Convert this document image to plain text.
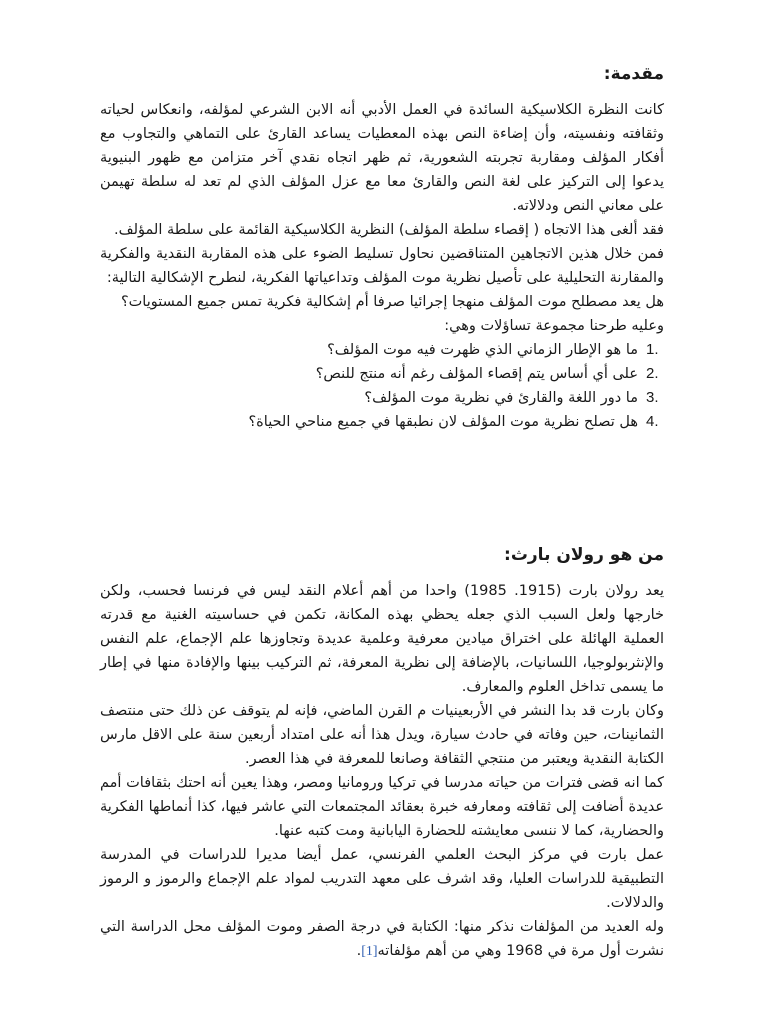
مقدمة:

كانت النظرة الكلاسيكية السائدة في العمل الأدبي أنه الابن الشرعي لمؤلفه، وانعكاس لحياته وثقافته ونفسيته، وأن إضاءة النص بهذه المعطيات يساعد القارئ على التماهي والتجاوب مع أفكار المؤلف ومقاربة تجربته الشعورية، ثم ظهر اتجاه نقدي آخر متزامن مع ظهور البنيوية يدعوا إلى التركيز على لغة النص والقارئ معا مع عزل المؤلف الذي لم تعد له سلطة تهيمن على معاني النص ودلالاته.

فقد ألغى هذا الاتجاه ( إقصاء سلطة المؤلف) النظرية الكلاسيكية القائمة على سلطة المؤلف.

فمن خلال هذين الاتجاهين المتناقضين نحاول تسليط الضوء على هذه المقاربة النقدية والفكرية والمقارنة التحليلية على تأصيل نظرية موت المؤلف وتداعياتها الفكرية، لنطرح الإشكالية التالية:

هل يعد مصطلح موت المؤلف منهجا إجرائيا صرفا أم إشكالية فكرية تمس جميع المستويات؟

وعليه طرحنا مجموعة تساؤلات وهي:

1.
ما هو الإطار الزماني الذي ظهرت فيه موت المؤلف؟
2.
على أي أساس يتم إقصاء المؤلف رغم أنه منتج للنص؟
3.
ما دور اللغة والقارئ في نظرية موت المؤلف؟
4.
هل تصلح نظرية موت المؤلف لان نطبقها في جميع مناحي الحياة؟
من هو رولان بارث:

يعد رولان بارت (1915. 1985) واحدا من أهم أعلام النقد ليس في فرنسا فحسب، ولكن خارجها ولعل السبب الذي جعله يحظي بهذه المكانة، تكمن في حساسيته الغنية مع قدرته العملية الهائلة على اختراق ميادين معرفية وعلمية عديدة وتجاوزها علم الإجماع، علم النفس والإنثربولوجيا، اللسانيات، بالإضافة إلى نظرية المعرفة، ثم التركيب بينها والإفادة منها في إطار ما يسمى تداخل العلوم والمعارف.

وكان بارت قد بدا النشر في الأربعينيات م القرن الماضي، فإنه لم يتوقف عن ذلك حتى منتصف الثمانينات، حين وفاته في حادث سيارة، ويدل هذا أنه على امتداد أربعين سنة على الاقل مارس الكتابة النقدية ويعتبر من منتجي الثقافة وصانعا للمعرفة في هذا العصر.

كما انه قضى فترات من حياته مدرسا في تركيا ورومانيا ومصر، وهذا يعين أنه احتك بثقافات أمم عديدة أضافت إلى ثقافته ومعارفه خبرة بعقائد المجتمعات التي عاشر فيها، كذا أنماطها الفكرية والحضارية، كما لا ننسى معايشته للحضارة اليابانية ومت كتبه عنها.

عمل بارت في مركز البحث العلمي الفرنسي، عمل أيضا مديرا للدراسات في المدرسة التطبيقية للدراسات العليا، وقد اشرف على معهد التدريب لمواد علم الإجماع والرموز و الرموز والدلالات.

وله العديد من المؤلفات نذكر منها: الكتابة في درجة الصفر وموت المؤلف محل الدراسة التي نشرت أول مرة في 1968 وهي من أهم مؤلفاته[1].
